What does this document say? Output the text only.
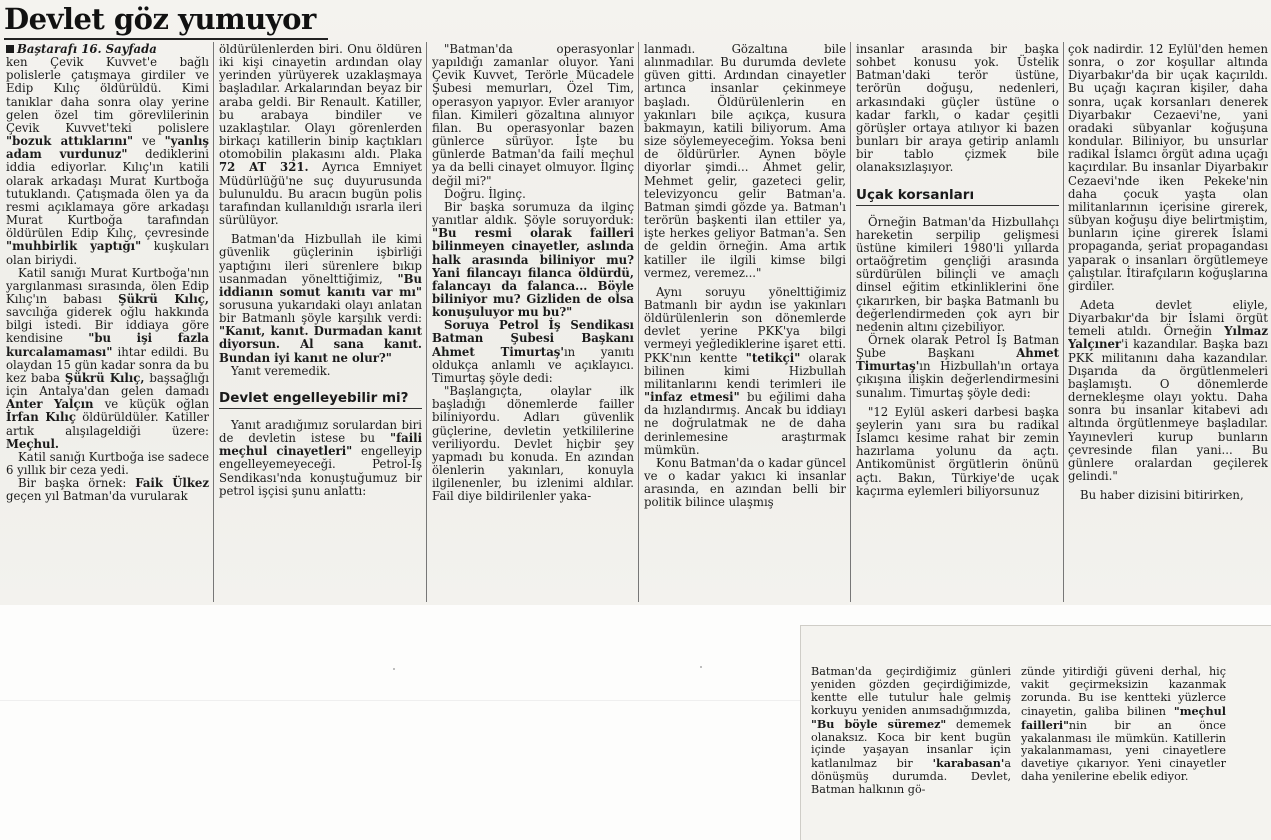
Devlet göz yumuyor

Baştarafı 16. Sayfada

ken Çevik Kuvvet'e bağlı polislerle çatışmaya girdiler ve Edip Kılıç öldürüldü. Kimi tanıklar daha sonra olay yerine gelen özel tim görevlilerinin Çevik Kuvvet'teki polislere "bozuk attıklarını" ve "yanlış adam vurdunuz" dediklerini iddia ediyorlar. Kılıç'ın katili olarak arkadaşı Murat Kurtboğa tutuklandı. Çatışmada ölen ya da resmi açıklamaya göre arkadaşı Murat Kurtboğa tarafından öldürülen Edip Kılıç, çevresinde "muhbirlik yaptığı" kuşkuları olan biriydi.

Katil sanığı Murat Kurtboğa'nın yargılanması sırasında, ölen Edip Kılıç'ın babası Şükrü Kılıç, savcılığa giderek oğlu hakkında bilgi istedi. Bir iddiaya göre kendisine "bu işi fazla kurcalamaması" ihtar edildi. Bu olaydan 15 gün kadar sonra da bu kez baba Şükrü Kılıç, başsağlığı için Antalya'dan gelen damadı Anter Yalçın ve küçük oğlan İrfan Kılıç öldürüldüler. Katiller artık alışılageldiği üzere: Meçhul.

Katil sanığı Kurtboğa ise sadece 6 yıllık bir ceza yedi.

Bir başka örnek: Faik Ülkez geçen yıl Batman'da vurularak

öldürülenlerden biri. Onu öldüren iki kişi cinayetin ardından olay yerinden yürüyerek uzaklaşmaya başladılar. Arkalarından beyaz bir araba geldi. Bir Renault. Katiller, bu arabaya bindiler ve uzaklaştılar. Olayı görenlerden birkaçı katillerin binip kaçtıkları otomobilin plakasını aldı. Plaka 72 AT 321. Ayrıca Emniyet Müdürlüğü'ne suç duyurusunda bulunuldu. Bu aracın bugün polis tarafından kullanıldığı ısrarla ileri sürülüyor.

Batman'da Hizbullah ile kimi güvenlik güçlerinin işbirliği yaptığını ileri sürenlere bıkıp usanmadan yönelttiğimiz, "Bu iddianın somut kanıtı var mı" sorusuna yukarıdaki olayı anlatan bir Batmanlı şöyle karşılık verdi: "Kanıt, kanıt. Durmadan kanıt diyorsun. Al sana kanıt. Bundan iyi kanıt ne olur?"

Yanıt veremedik.

Devlet engelleyebilir mi?

Yanıt aradığımız sorulardan biri de devletin istese bu "faili meçhul cinayetleri" engelleyip engelleyemeyeceği. Petrol-İş Sendikası'nda konuştuğumuz bir petrol işçisi şunu anlattı:

"Batman'da operasyonlar yapıldığı zamanlar oluyor. Yani Çevik Kuvvet, Terörle Mücadele Şubesi memurları, Özel Tim, operasyon yapıyor. Evler aranıyor filan. Kimileri gözaltına alınıyor filan. Bu operasyonlar bazen günlerce sürüyor. İşte bu günlerde Batman'da faili meçhul ya da belli cinayet olmuyor. İlginç değil mi?"

Doğru. İlginç.

Bir başka sorumuza da ilginç yanıtlar aldık. Şöyle soruyorduk: "Bu resmi olarak failleri bilinmeyen cinayetler, aslında halk arasında biliniyor mu? Yani filancayı filanca öldürdü, falancayı da falanca... Böyle biliniyor mu? Gizliden de olsa konuşuluyor mu bu?"

Soruya Petrol İş Sendikası Batman Şubesi Başkanı Ahmet Timurtaş'ın yanıtı oldukça anlamlı ve açıklayıcı. Timurtaş şöyle dedi:

"Başlangıçta, olaylar ilk başladığı dönemlerde failler biliniyordu. Adları güvenlik güçlerine, devletin yetkililerine veriliyordu. Devlet hiçbir şey yapmadı bu konuda. En azından ölenlerin yakınları, konuyla ilgilenenler, bu izlenimi aldılar. Fail diye bildirilenler yaka-

lanmadı. Gözaltına bile alınmadılar. Bu durumda devlete güven gitti. Ardından cinayetler artınca insanlar çekinmeye başladı. Öldürülenlerin en yakınları bile açıkça, kusura bakmayın, katili biliyorum. Ama size söylemeyeceğim. Yoksa beni de öldürürler. Aynen böyle diyorlar şimdi... Ahmet gelir, Mehmet gelir, gazeteci gelir, televizyoncu gelir Batman'a. Batman şimdi gözde ya. Batman'ı terörün başkenti ilan ettiler ya, işte herkes geliyor Batman'a. Sen de geldin örneğin. Ama artık katiller ile ilgili kimse bilgi vermez, veremez..."

Aynı soruyu yönelttiğimiz Batmanlı bir aydın ise yakınları öldürülenlerin son dönemlerde devlet yerine PKK'ya bilgi vermeyi yeğlediklerine işaret etti. PKK'nın kentte "tetikçi" olarak bilinen kimi Hizbullah militanlarını kendi terimleri ile "infaz etmesi" bu eğilimi daha da hızlandırmış. Ancak bu iddiayı ne doğrulatmak ne de daha derinlemesine araştırmak mümkün.

Konu Batman'da o kadar güncel ve o kadar yakıcı ki insanlar arasında, en azından belli bir politik bilince ulaşmış

insanlar arasında bir başka sohbet konusu yok. Üstelik Batman'daki terör üstüne, terörün doğuşu, nedenleri, arkasındaki güçler üstüne o kadar farklı, o kadar çeşitli görüşler ortaya atılıyor ki bazen bunları bir araya getirip anlamlı bir tablo çizmek bile olanaksızlaşıyor.

Uçak korsanları

Örneğin Batman'da Hizbullahçı hareketin serpilip gelişmesi üstüne kimileri 1980'li yıllarda ortaöğretim gençliği arasında sürdürülen bilinçli ve amaçlı dinsel eğitim etkinliklerini öne çıkarırken, bir başka Batmanlı bu değerlendirmeden çok ayrı bir nedenin altını çizebiliyor.

Örnek olarak Petrol İş Batman Şube Başkanı	Ahmet Timurtaş'ın Hizbullah'ın ortaya çıkışına ilişkin değerlendirmesini sunalım. Timurtaş şöyle dedi:

"12 Eylül askeri darbesi başka şeylerin yanı sıra bu radikal İslamcı kesime rahat bir zemin hazırlama yolunu da açtı. Antikomünist örgütlerin önünü açtı. Bakın, Türkiye'de uçak kaçırma eylemleri biliyorsunuz

çok nadirdir. 12 Eylül'den hemen sonra, o zor koşullar altında Diyarbakır'da bir uçak kaçırıldı. Bu uçağı kaçıran kişiler, daha sonra, uçak korsanları denerek Diyarbakır Cezaevi'ne, yani oradaki sübyanlar koğuşuna kondular. Biliniyor, bu unsurlar radikal İslamcı örgüt adına uçağı kaçırdılar. Bu insanlar Diyarbakır Cezaevi'nde iken Pekeke'nin daha çocuk yaşta olan militanlarının içerisine girerek, sübyan koğuşu diye belirtmiştim, bunların içine girerek İslami propaganda, şeriat propagandası yaparak o insanları örgütlemeye çalıştılar. İtirafçıların koğuşlarına girdiler.

Adeta devlet eliyle, Diyarbakır'da bir İslami örgüt temeli atıldı. Örneğin Yılmaz Yalçıner'i kazandılar. Başka bazı PKK militanını daha kazandılar. Dışarıda da örgütlenmeleri başlamıştı. O dönemlerde dernekleşme olayı yoktu. Daha sonra bu insanlar kitabevi adı altında örgütlenmeye başladılar. Yayınevleri kurup bunların çevresinde filan yani... Bu günlere oralardan geçilerek gelindi."

Bu haber dizisini bitirirken,

Batman'da geçirdiğimiz günleri yeniden gözden geçirdiğimizde, kentte elle tutulur hale gelmiş korkuyu yeniden anımsadığımızda, "Bu böyle süremez" dememek olanaksız. Koca bir kent bugün içinde yaşayan insanlar için katlanılmaz bir 'karabasan'a dönüşmüş durumda. Devlet, Batman halkının gö-

zünde yitirdiği güveni derhal, hiç vakit geçirmeksizin kazanmak zorunda. Bu ise kentteki yüzlerce cinayetin, galiba bilinen "meçhul failleri"nin bir an önce yakalanması ile mümkün. Katillerin yakalanmaması, yeni cinayetlere davetiye çıkarıyor. Yeni cinayetler daha yenilerine ebelik ediyor.
